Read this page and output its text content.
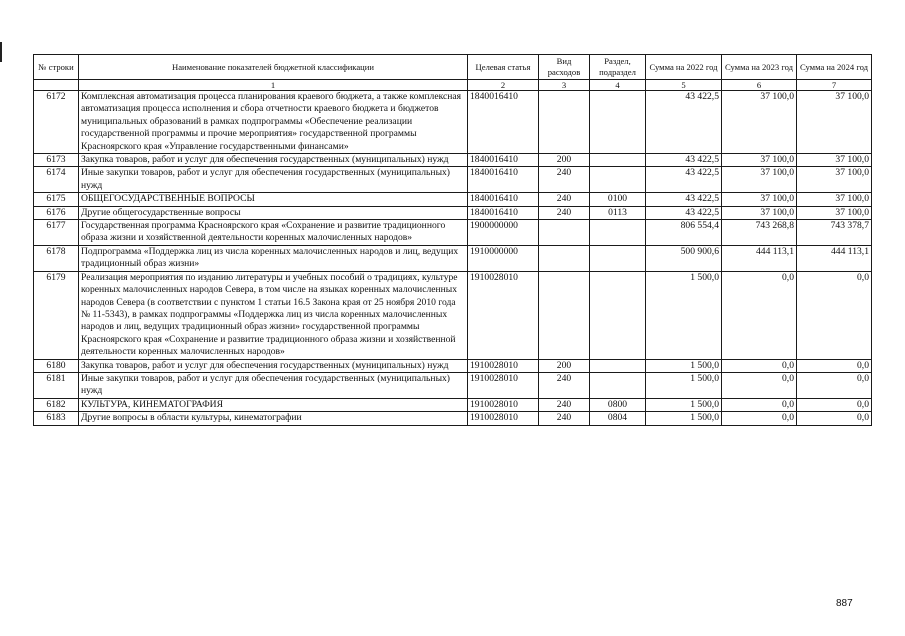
№ строки	Наименование показателей бюджетной классификации	Целевая статья	Вид расходов	Раздел, подраздел	Сумма на 2022 год	Сумма на 2023 год	Сумма на 2024 год
	1	2	3	4	5	6	7
6172	Комплексная автоматизация процесса планирования краевого бюджета, а также комплексная автоматизация процесса исполнения и сбора отчетности краевого бюджета и бюджетов муниципальных образований в рамках подпрограммы «Обеспечение реализации государственной программы и прочие мероприятия» государственной программы Красноярского края «Управление государственными финансами»	1840016410			43 422,5	37 100,0	37 100,0
6173	Закупка товаров, работ и услуг для обеспечения государственных (муниципальных) нужд	1840016410	200		43 422,5	37 100,0	37 100,0
6174	Иные закупки товаров, работ и услуг для обеспечения государственных (муниципальных) нужд	1840016410	240		43 422,5	37 100,0	37 100,0
6175	ОБЩЕГОСУДАРСТВЕННЫЕ ВОПРОСЫ	1840016410	240	0100	43 422,5	37 100,0	37 100,0
6176	Другие общегосударственные вопросы	1840016410	240	0113	43 422,5	37 100,0	37 100,0
6177	Государственная программа Красноярского края «Сохранение и развитие традиционного образа жизни и хозяйственной деятельности коренных малочисленных народов»	1900000000			806 554,4	743 268,8	743 378,7
6178	Подпрограмма «Поддержка лиц из числа коренных малочисленных народов и лиц, ведущих традиционный образ жизни»	1910000000			500 900,6	444 113,1	444 113,1
6179	Реализация мероприятия по изданию литературы и учебных пособий о традициях, культуре коренных малочисленных народов Севера, в том числе на языках коренных малочисленных народов Севера (в соответствии с пунктом 1 статьи 16.5 Закона края от 25 ноября 2010 года № 11-5343), в рамках подпрограммы «Поддержка лиц из числа коренных малочисленных народов и лиц, ведущих традиционный образ жизни» государственной программы Красноярского края «Сохранение и развитие традиционного образа жизни и хозяйственной деятельности коренных малочисленных народов»	1910028010			1 500,0	0,0	0,0
6180	Закупка товаров, работ и услуг для обеспечения государственных (муниципальных) нужд	1910028010	200		1 500,0	0,0	0,0
6181	Иные закупки товаров, работ и услуг для обеспечения государственных (муниципальных) нужд	1910028010	240		1 500,0	0,0	0,0
6182	КУЛЬТУРА, КИНЕМАТОГРАФИЯ	1910028010	240	0800	1 500,0	0,0	0,0
6183	Другие вопросы в области культуры, кинематографии	1910028010	240	0804	1 500,0	0,0	0,0
887
